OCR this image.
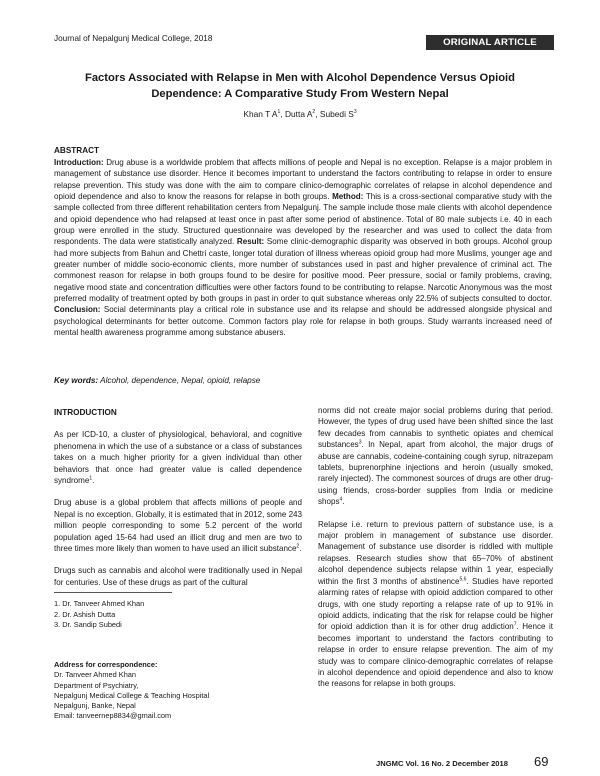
Journal of Nepalgunj Medical College, 2018	ORIGINAL ARTICLE
Factors Associated with Relapse in Men with Alcohol Dependence Versus Opioid Dependence: A Comparative Study From Western Nepal
Khan T $A^1$, Dutta $A^2$, Subedi $S^3$
ABSTRACT
Introduction: Drug abuse is a worldwide problem that affects millions of people and Nepal is no exception. Relapse is a major problem in management of substance use disorder. Hence it becomes important to understand the factors contributing to relapse in order to ensure relapse prevention. This study was done with the aim to compare clinico-demographic correlates of relapse in alcohol dependence and opioid dependence and also to know the reasons for relapse in both groups. Method: This is a cross-sectional comparative study with the sample collected from three different rehabilitation centers from Nepalgunj. The sample include those male clients with alcohol dependence and opioid dependence who had relapsed at least once in past after some period of abstinence. Total of 80 male subjects i.e. 40 in each group were enrolled in the study. Structured questionnaire was developed by the researcher and was used to collect the data from respondents. The data were statistically analyzed. Result: Some clinic-demographic disparity was observed in both groups. Alcohol group had more subjects from Bahun and Chettri caste, longer total duration of illness whereas opioid group had more Muslims, younger age and greater number of middle socio-economic clients, more number of substances used in past and higher prevalence of criminal act. The commonest reason for relapse in both groups found to be desire for positive mood. Peer pressure, social or family problems, craving, negative mood state and concentration difficulties were other factors found to be contributing to relapse. Narcotic Anonymous was the most preferred modality of treatment opted by both groups in past in order to quit substance whereas only 22.5% of subjects consulted to doctor. Conclusion: Social determinants play a critical role in substance use and its relapse and should be addressed alongside physical and psychological determinants for better outcome. Common factors play role for relapse in both groups. Study warrants increased need of mental health awareness programme among substance abusers.
Key words: Alcohol, dependence, Nepal, opioid, relapse

INTRODUCTION

As per ICD-10, a cluster of physiological, behavioral, and cognitive phenomena in which the use of a substance or a class of substances takes on a much higher priority for a given individual than other behaviors that once had greater value is called dependence syndrome$^1$.

Drug abuse is a global problem that affects millions of people and Nepal is no exception. Globally, it is estimated that in 2012, some 243 million people corresponding to some 5.2 percent of the world population aged 15-64 had used an illicit drug and men are two to three times more likely than women to have used an illicit substance$^2$.

Drugs such as cannabis and alcohol were traditionally used in Nepal for centuries. Use of these drugs as part of the cultural

norms did not create major social problems during that period. However, the types of drug used have been shifted since the last few decades from cannabis to synthetic opiates and chemical substances$^3$. In Nepal, apart from alcohol, the major drugs of abuse are cannabis, codeine-containing cough syrup, nitrazepam tablets, buprenorphine injections and heroin (usually smoked, rarely injected). The commonest sources of drugs are other drug-using friends, cross-border supplies from India or medicine shops$^4$.

Relapse i.e. return to previous pattern of substance use, is a major problem in management of substance use disorder. Management of substance use disorder is riddled with multiple relapses. Research studies show that 65–70% of abstinent alcohol dependence subjects relapse within 1 year, especially within the first 3 months of abstinence$^{5,6}$. Studies have reported alarming rates of relapse with opioid addiction compared to other drugs, with one study reporting a relapse rate of up to 91% in opioid addicts, indicating that the risk for relapse could be higher for opioid addiction than it is for other drug addiction$^7$. Hence it becomes important to understand the factors contributing to relapse in order to ensure relapse prevention. The aim of my study was to compare clinico-demographic correlates of relapse in alcohol dependence and opioid dependence and also to know the reasons for relapse in both groups.

1. Dr. Tanveer Ahmed Khan
2. Dr. Ashish Dutta
3. Dr. Sandip Subedi
Address for correspondence:
Dr. Tanveer Ahmed Khan
Department of Psychiatry,
Nepalgunj Medical College & Teaching Hospital
Nepalgunj, Banke, Nepal
Email: tanveernep8834@gmail.com
JNGMC Vol. 16 No. 2 December 2018 69
